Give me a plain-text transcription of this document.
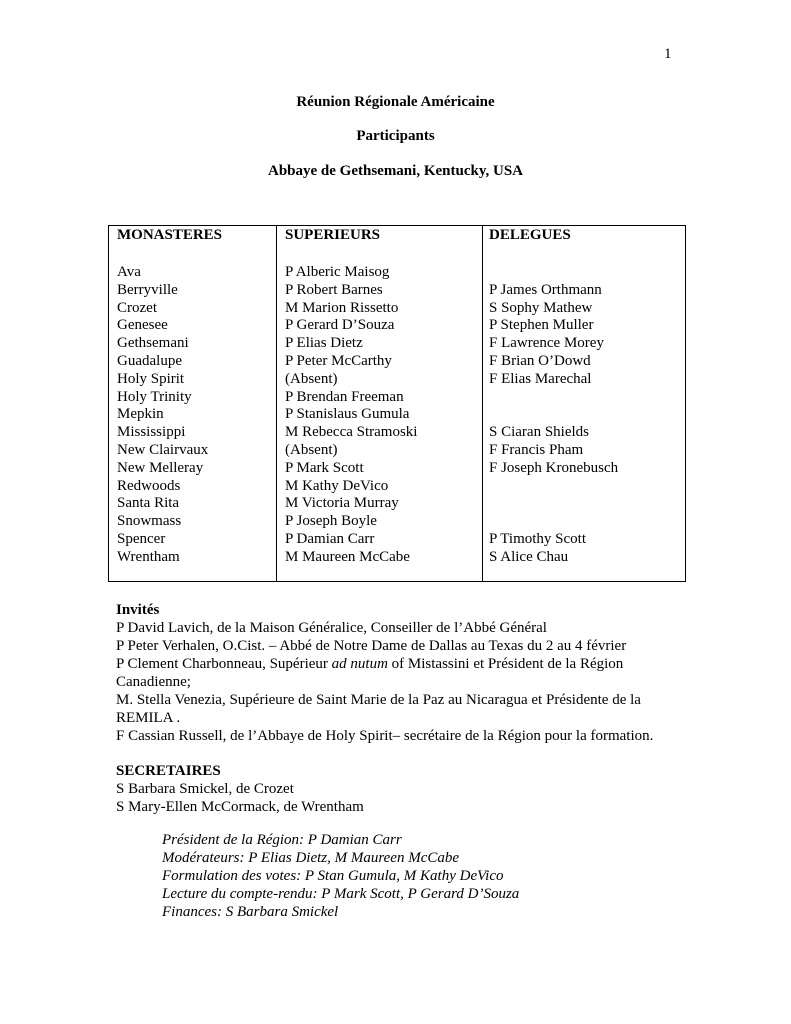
1
Réunion Régionale Américaine
Participants
Abbaye de Gethsemani, Kentucky, USA
MONASTERES
Ava
Berryville
Crozet
Genesee
Gethsemani
Guadalupe
Holy Spirit
Holy Trinity
Mepkin
Mississippi
New Clairvaux
New Melleray
Redwoods
Santa Rita
Snowmass
Spencer
Wrentham
SUPERIEURS
P Alberic Maisog
P Robert Barnes
M Marion Rissetto
P Gerard D’Souza
P Elias Dietz
P Peter McCarthy
(Absent)
P Brendan Freeman
P Stanislaus Gumula
M Rebecca Stramoski
(Absent)
P Mark Scott
M Kathy DeVico
M Victoria Murray
P Joseph Boyle
P Damian Carr
M Maureen McCabe
DELEGUES
P James Orthmann
S Sophy Mathew
P Stephen Muller
F Lawrence Morey
F Brian O’Dowd
F Elias Marechal
S Ciaran Shields
F Francis Pham
F Joseph Kronebusch
P Timothy Scott
S Alice Chau
Invités
P David Lavich, de la Maison Généralice, Conseiller de l’Abbé Général
P Peter Verhalen, O.Cist. – Abbé de Notre Dame de Dallas au Texas du 2 au 4 février
P Clement Charbonneau, Supérieur ad nutum of Mistassini et Président de la Région
Canadienne;
M. Stella Venezia, Supérieure de Saint Marie de la Paz au Nicaragua et Présidente de la
REMILA .
F Cassian Russell, de l’Abbaye de Holy Spirit– secrétaire de la Région pour la formation.
SECRETAIRES
S Barbara Smickel, de Crozet
S Mary-Ellen McCormack, de Wrentham
Président de la Région: P Damian Carr
Modérateurs: P Elias Dietz, M Maureen McCabe
Formulation des votes: P Stan Gumula, M Kathy DeVico
Lecture du compte-rendu: P Mark Scott, P Gerard D’Souza
Finances: S Barbara Smickel
